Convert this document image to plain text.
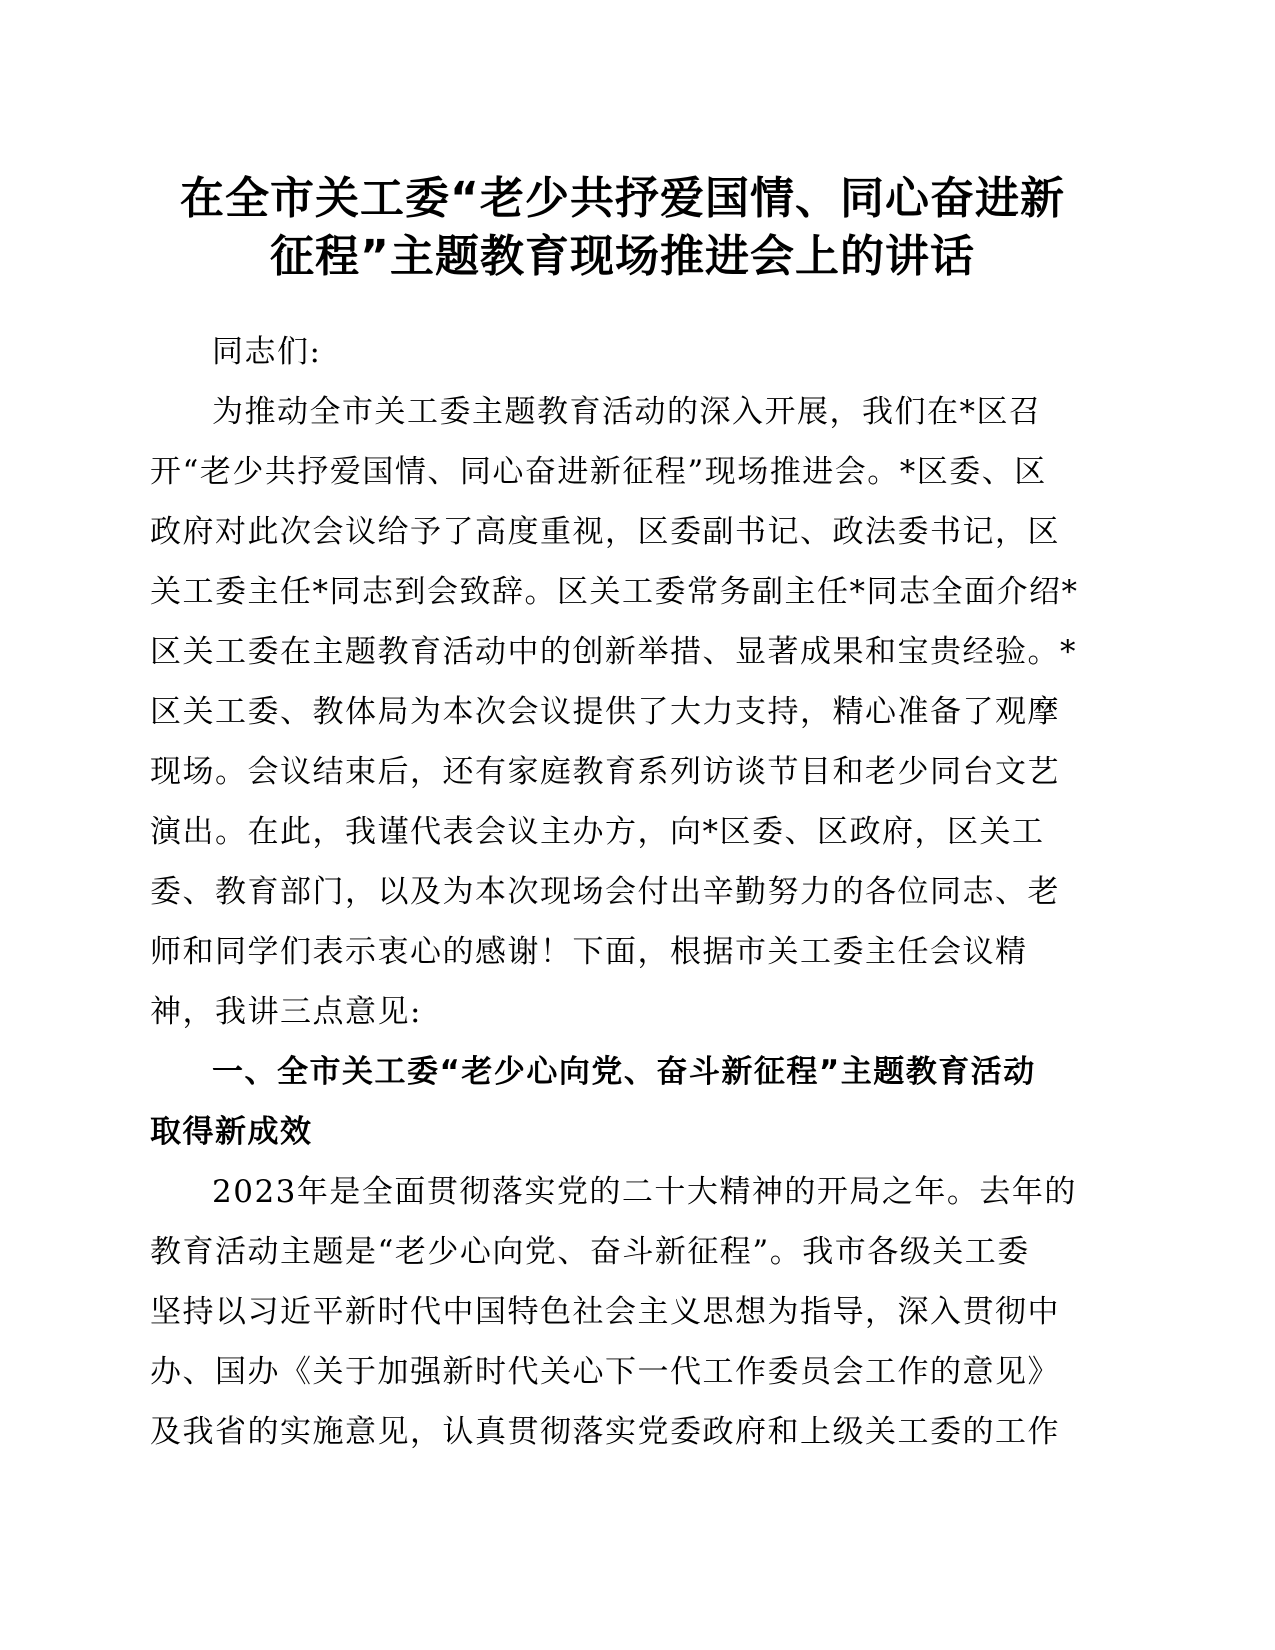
在全市关工委“老少共抒爱国情、同心奋进新
征程”主题教育现场推进会上的讲话
同志们:
为推动全市关工委主题教育活动的深入开展，我们在*区召
开“老少共抒爱国情、同心奋进新征程”现场推进会。*区委、区
政府对此次会议给予了高度重视，区委副书记、政法委书记，区
关工委主任*同志到会致辞。区关工委常务副主任*同志全面介绍*
区关工委在主题教育活动中的创新举措、显著成果和宝贵经验。*
区关工委、教体局为本次会议提供了大力支持，精心准备了观摩
现场。会议结束后，还有家庭教育系列访谈节目和老少同台文艺
演出。在此，我谨代表会议主办方，向*区委、区政府，区关工
委、教育部门，以及为本次现场会付出辛勤努力的各位同志、老
师和同学们表示衷心的感谢！下面，根据市关工委主任会议精
神，我讲三点意见:
一、全市关工委“老少心向党、奋斗新征程”主题教育活动
取得新成效
2023年是全面贯彻落实党的二十大精神的开局之年。去年的
教育活动主题是“老少心向党、奋斗新征程”。我市各级关工委
坚持以习近平新时代中国特色社会主义思想为指导，深入贯彻中
办、国办《关于加强新时代关心下一代工作委员会工作的意见》
及我省的实施意见，认真贯彻落实党委政府和上级关工委的工作
